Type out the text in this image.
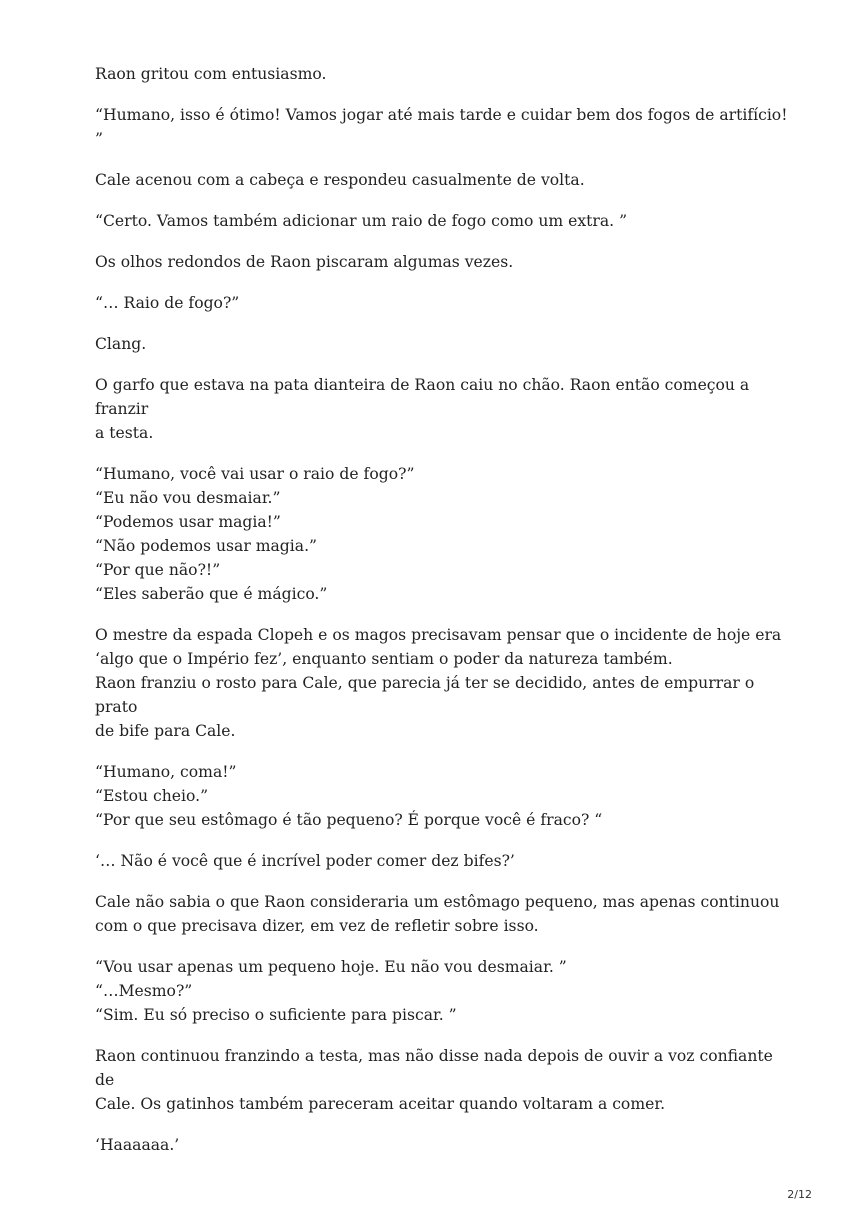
Raon gritou com entusiasmo.

“Humano, isso é ótimo! Vamos jogar até mais tarde e cuidar bem dos fogos de artifício! ”

Cale acenou com a cabeça e respondeu casualmente de volta.

“Certo. Vamos também adicionar um raio de fogo como um extra. ”

Os olhos redondos de Raon piscaram algumas vezes.

“… Raio de fogo?”

Clang.

O garfo que estava na pata dianteira de Raon caiu no chão. Raon então começou a franzir
a testa.

“Humano, você vai usar o raio de fogo?”
“Eu não vou desmaiar.”
“Podemos usar magia!”
“Não podemos usar magia.”
“Por que não?!”
“Eles saberão que é mágico.”

O mestre da espada Clopeh e os magos precisavam pensar que o incidente de hoje era
‘algo que o Império fez’, enquanto sentiam o poder da natureza também.
Raon franziu o rosto para Cale, que parecia já ter se decidido, antes de empurrar o prato
de bife para Cale.

“Humano, coma!”
“Estou cheio.”
“Por que seu estômago é tão pequeno? É porque você é fraco? “

‘… Não é você que é incrível poder comer dez bifes?’

Cale não sabia o que Raon consideraria um estômago pequeno, mas apenas continuou
com o que precisava dizer, em vez de refletir sobre isso.

“Vou usar apenas um pequeno hoje. Eu não vou desmaiar. ”
“…Mesmo?”
“Sim. Eu só preciso o suficiente para piscar. ”

Raon continuou franzindo a testa, mas não disse nada depois de ouvir a voz confiante de
Cale. Os gatinhos também pareceram aceitar quando voltaram a comer.

‘Haaaaaa.’

2/12
